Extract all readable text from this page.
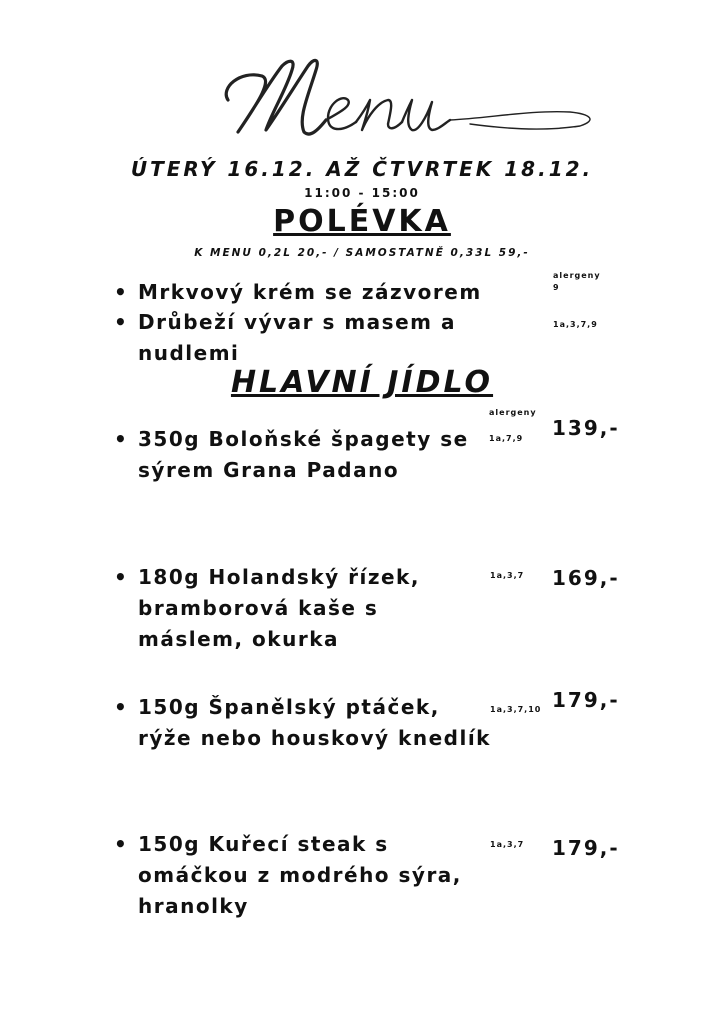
ÚTERÝ 16.12. AŽ ČTVRTEK 18.12.
11:00 - 15:00
POLÉVKA
K MENU 0,2L 20,- / SAMOSTATNĚ 0,33L 59,-
alergeny
• Mrkvový krém se zázvorem	9
• Drůbeží vývar s masem a nudlemi
1a,3,7,9
HLAVNÍ JÍDLO
alergeny
• 350g Boloňské špagety se sýrem Grana Padano
1a,7,9 139,-
• 180g Holandský řízek, bramborová kaše s máslem, okurka
1a,3,7 169,-
• 150g Španělský ptáček, rýže nebo houskový knedlík
1a,3,7,10 179,-
• 150g Kuřecí steak s omáčkou z modrého sýra, hranolky
1a,3,7 179,-
